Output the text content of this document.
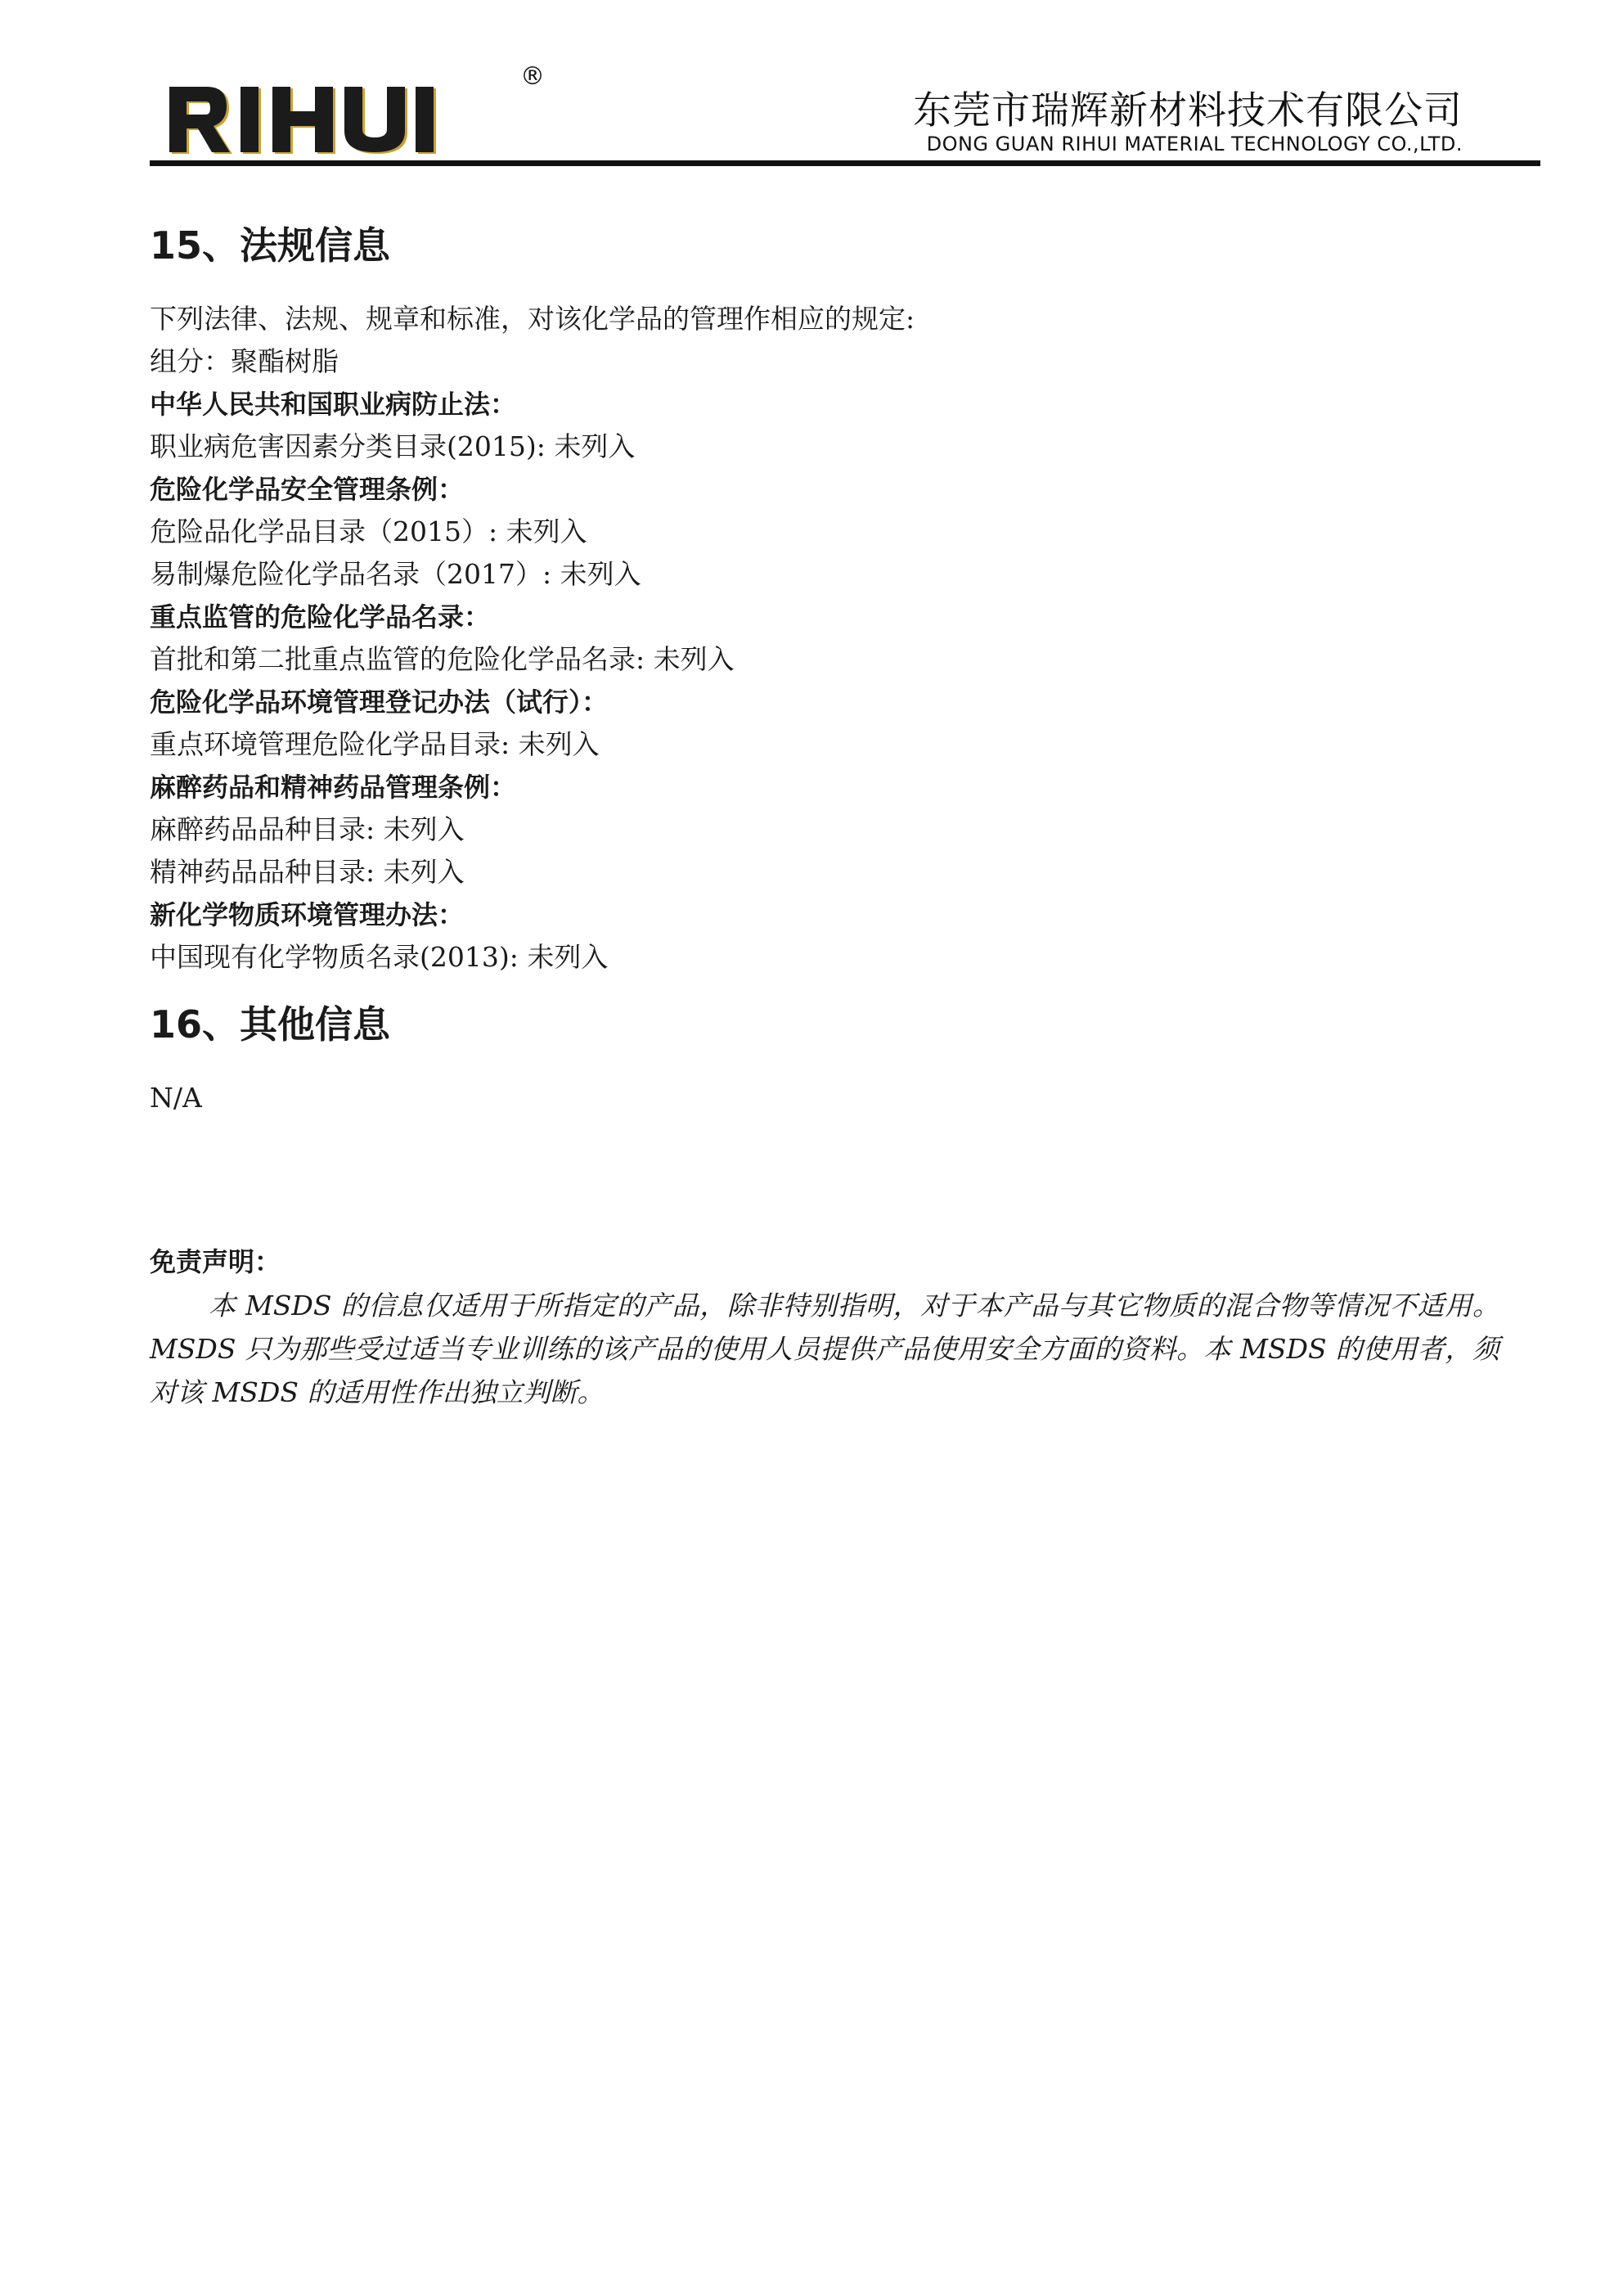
®
东莞市瑞辉新材料技术有限公司
DONG GUAN RIHUI MATERIAL TECHNOLOGY CO.,LTD.
15、法规信息
下列法律、法规、规章和标准，对该化学品的管理作相应的规定:
组分：聚酯树脂
中华人民共和国职业病防止法：
职业病危害因素分类目录(2015): 未列入
危险化学品安全管理条例：
危险品化学品目录（2015）: 未列入
易制爆危险化学品名录（2017）: 未列入
重点监管的危险化学品名录：
首批和第二批重点监管的危险化学品名录: 未列入
危险化学品环境管理登记办法（试行）：
重点环境管理危险化学品目录: 未列入
麻醉药品和精神药品管理条例：
麻醉药品品种目录: 未列入
精神药品品种目录: 未列入
新化学物质环境管理办法：
中国现有化学物质名录(2013): 未列入
16、其他信息
N/A
免责声明：
本 MSDS 的信息仅适用于所指定的产品，除非特别指明，对于本产品与其它物质的混合物等情况不适用。MSDS 只为那些受过适当专业训练的该产品的使用人员提供产品使用安全方面的资料。本 MSDS 的使用者，须对该 MSDS 的适用性作出独立判断。
